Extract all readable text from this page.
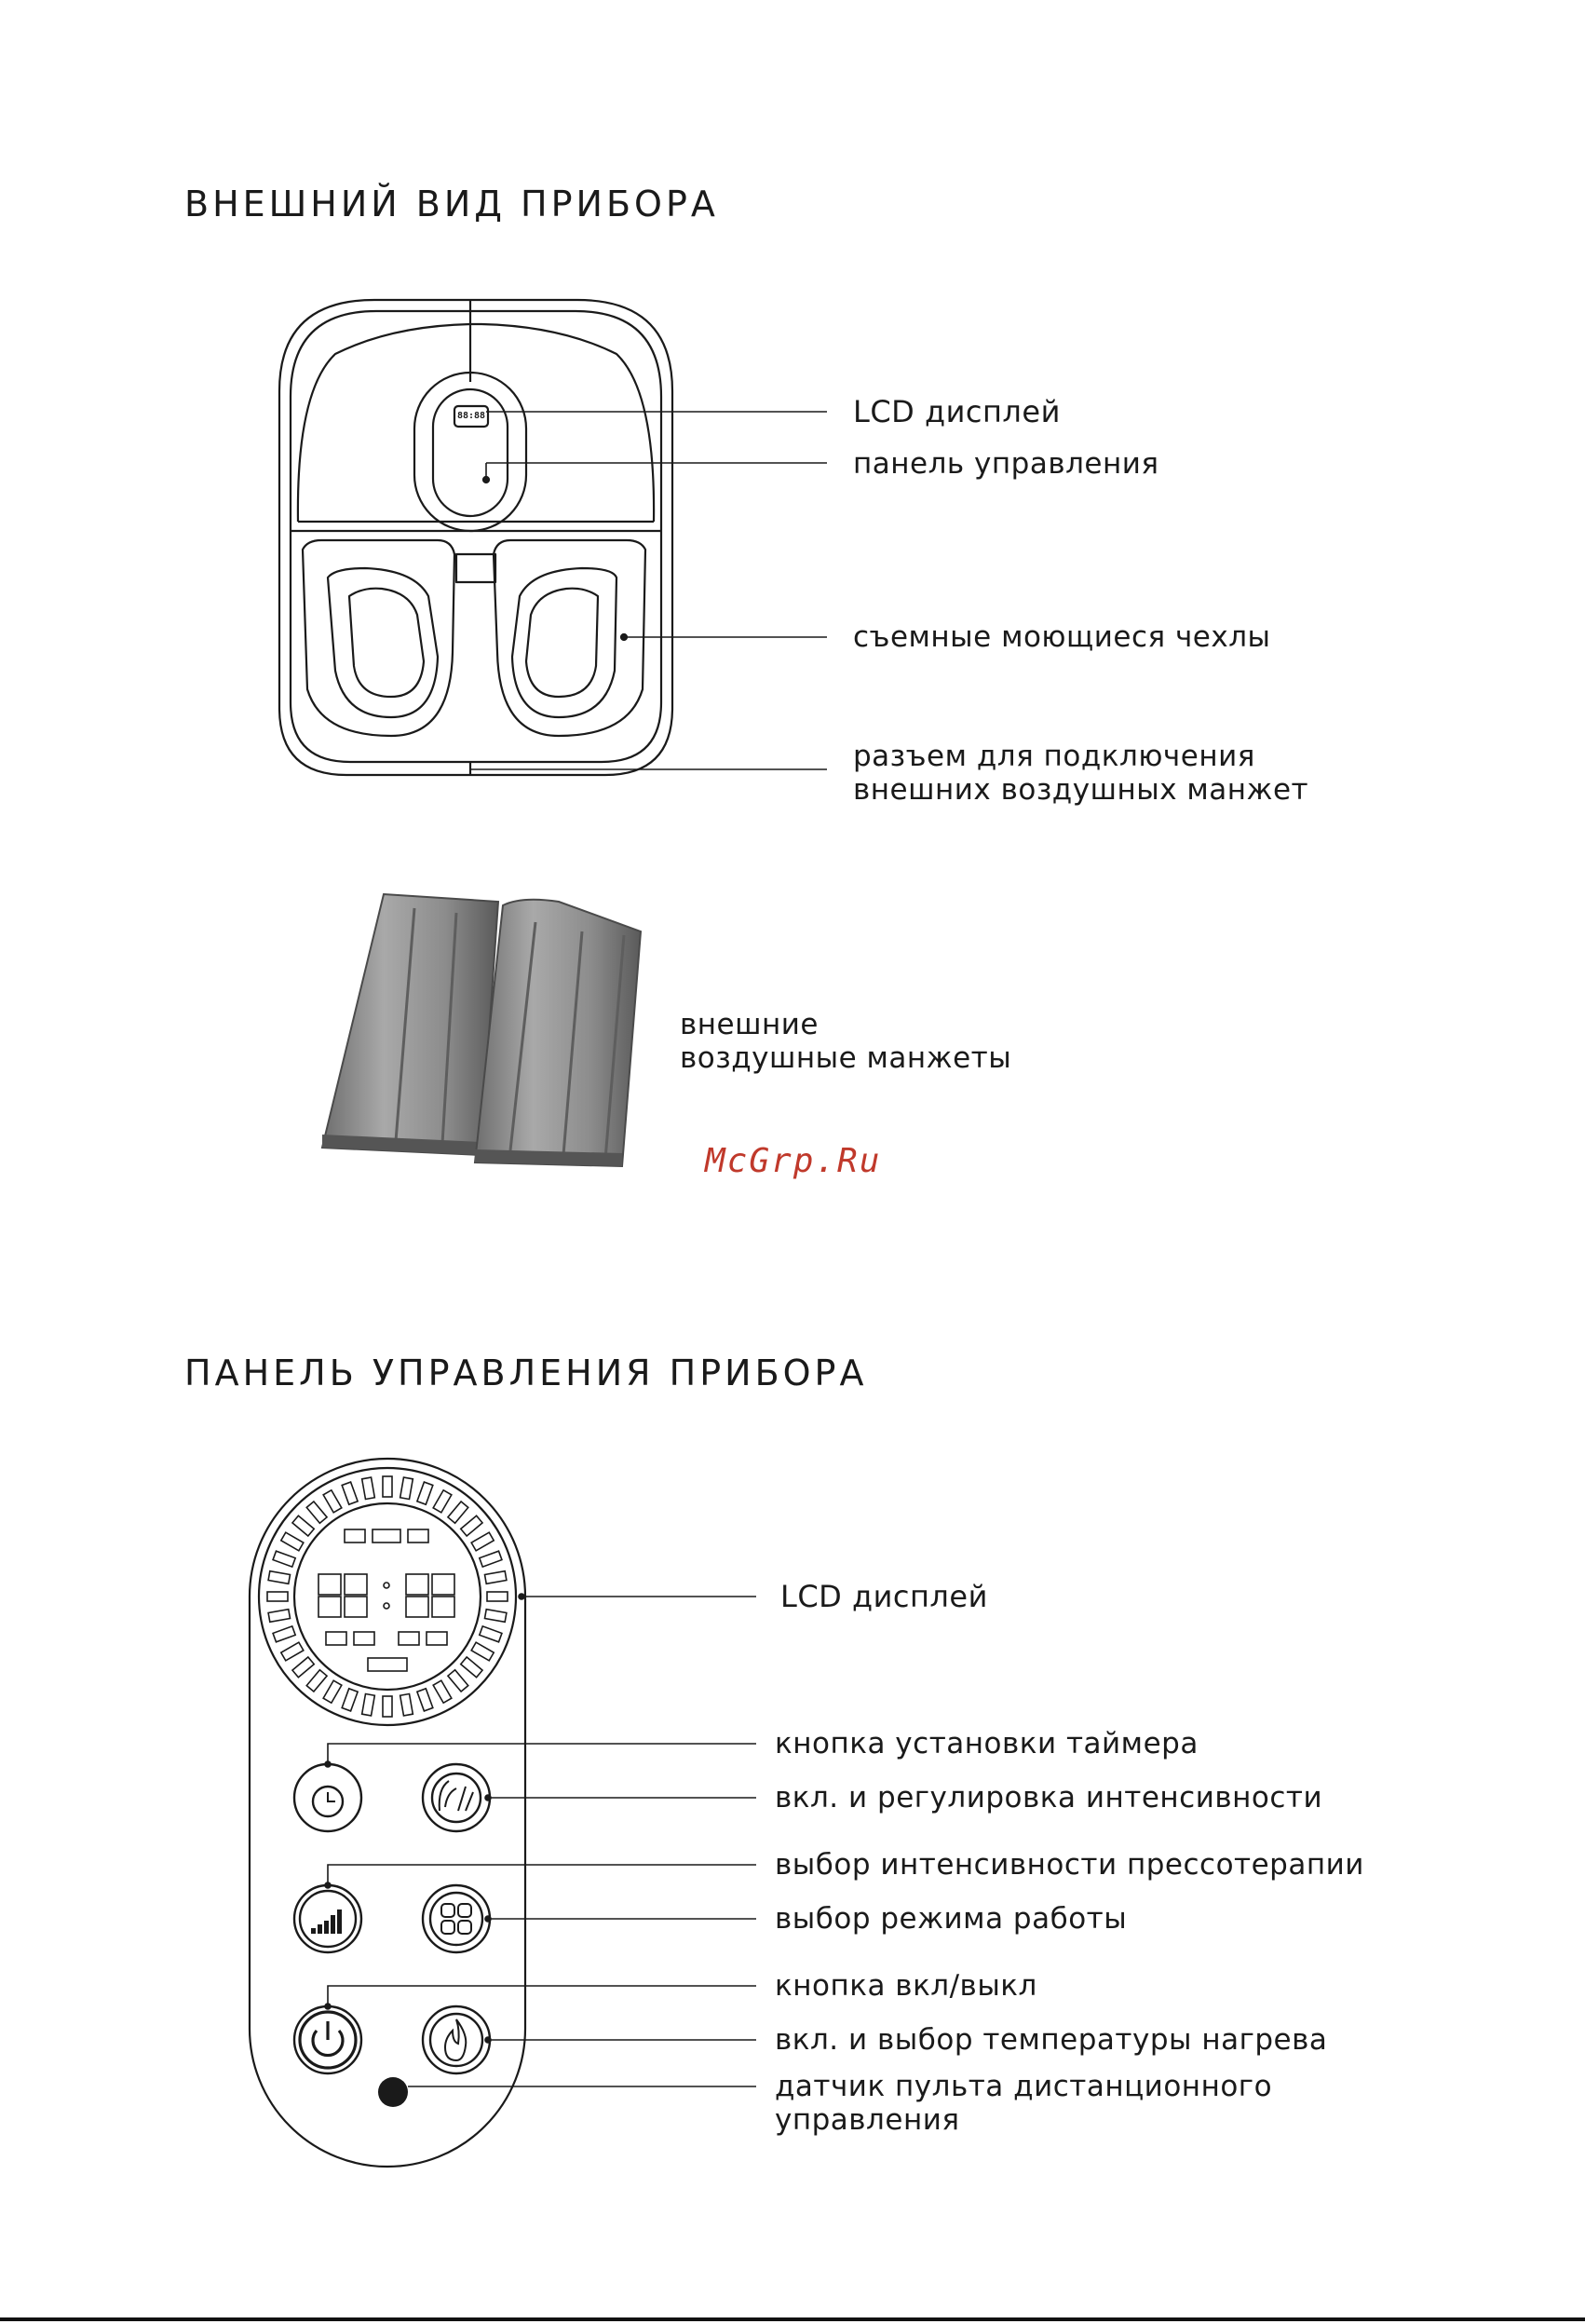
ВНЕШНИЙ ВИД ПРИБОРА
88:88	LCD дисплей
панель управления
съемные моющиеся чехлы
разъем для подключения
внешних воздушных манжет
внешние
воздушные манжеты
McGrp.Ru
ПАНЕЛЬ УПРАВЛЕНИЯ ПРИБОРА
LCD дисплей
кнопка установки таймера
вкл. и регулировка интенсивности
выбор интенсивности прессотерапии
выбор режима работы
кнопка вкл/выкл
вкл. и выбор температуры нагрева
датчик пульта дистанционного
управления
